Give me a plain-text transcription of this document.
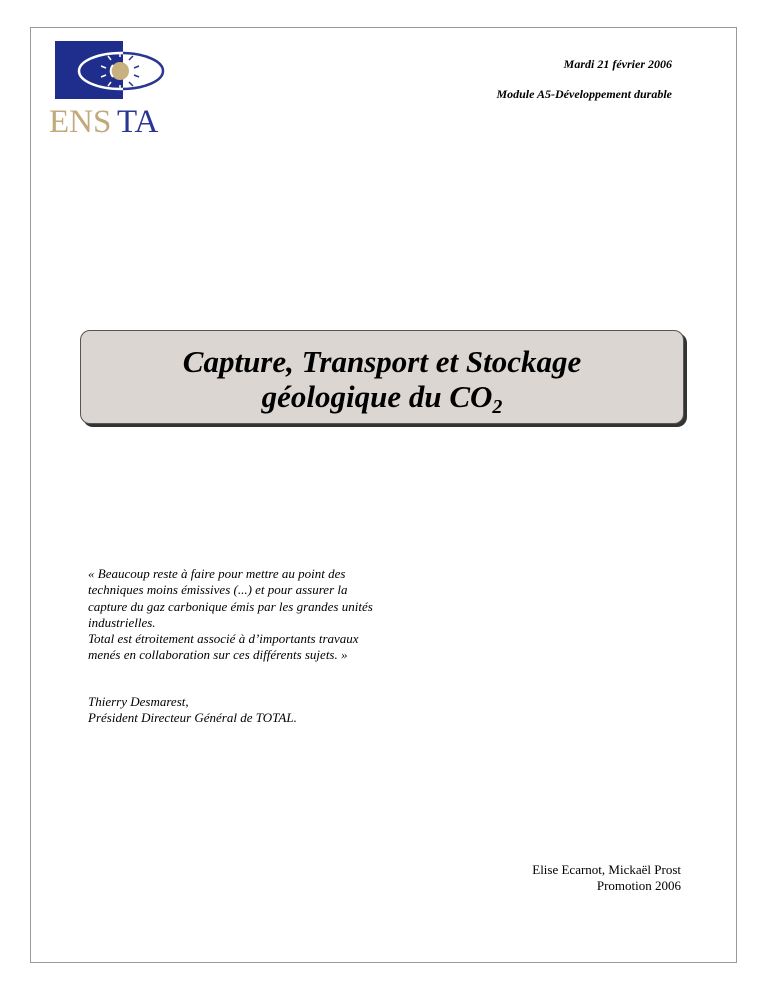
ENS TA
Mardi 21 février 2006
Module A5-Développement durable
Capture, Transport et Stockage
géologique du $CO_2$
« Beaucoup reste à faire pour mettre au point des
techniques moins émissives (...) et pour assurer la
capture du gaz carbonique émis par les grandes unités
industrielles.
Total est étroitement associé à d’importants travaux
menés en collaboration sur ces différents sujets. »
Thierry Desmarest,
Président Directeur Général de TOTAL.
Elise Ecarnot, Mickaël Prost
Promotion 2006
